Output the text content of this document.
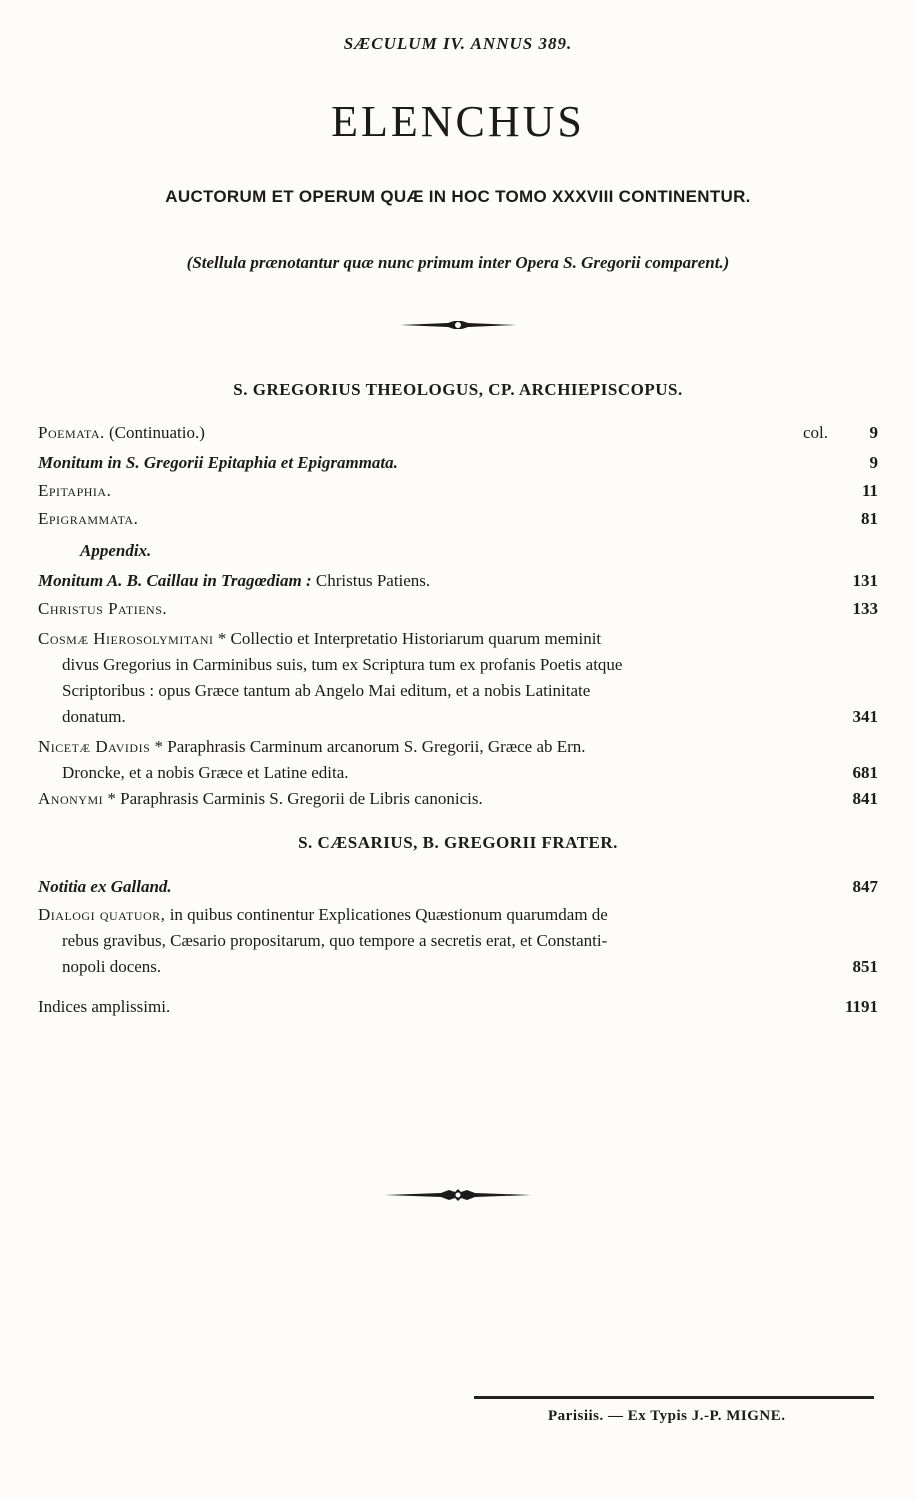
SÆCULUM IV. ANNUS 389.
ELENCHUS
AUCTORUM ET OPERUM QUÆ IN HOC TOMO XXXVIII CONTINENTUR.
(Stellula prænotantur quæ nunc primum inter Opera S. Gregorii comparent.)
S. GREGORIUS THEOLOGUS, CP. ARCHIEPISCOPUS.
Poemata. (Continuatio.)	col. 9
Monitum in S. Gregorii Epitaphia et Epigrammata.	9
Epitaphia.	11
Epigrammata.	81
Appendix.
Monitum A. B. Caillau in Tragœdiam : Christus Patiens.	131
Christus Patiens.	133
Cosmæ Hierosolymitani * Collectio et Interpretatio Historiarum quarum meminit
divus Gregorius in Carminibus suis, tum ex Scriptura tum ex profanis Poetis atque
Scriptoribus : opus Græce tantum ab Angelo Mai editum, et a nobis Latinitate
donatum.	341
Nicetæ Davidis * Paraphrasis Carminum arcanorum S. Gregorii, Græce ab Ern.
Droncke, et a nobis Græce et Latine edita.	681
Anonymi * Paraphrasis Carminis S. Gregorii de Libris canonicis.	841
S. CÆSARIUS, B. GREGORII FRATER.
Notitia ex Galland.	847
Dialogi quatuor, in quibus continentur Explicationes Quæstionum quarumdam de
rebus gravibus, Cæsario propositarum, quo tempore a secretis erat, et Constanti-
nopoli docens.	851
Indices amplissimi.	1191
Parisiis. — Ex Typis J.-P. MIGNE.
